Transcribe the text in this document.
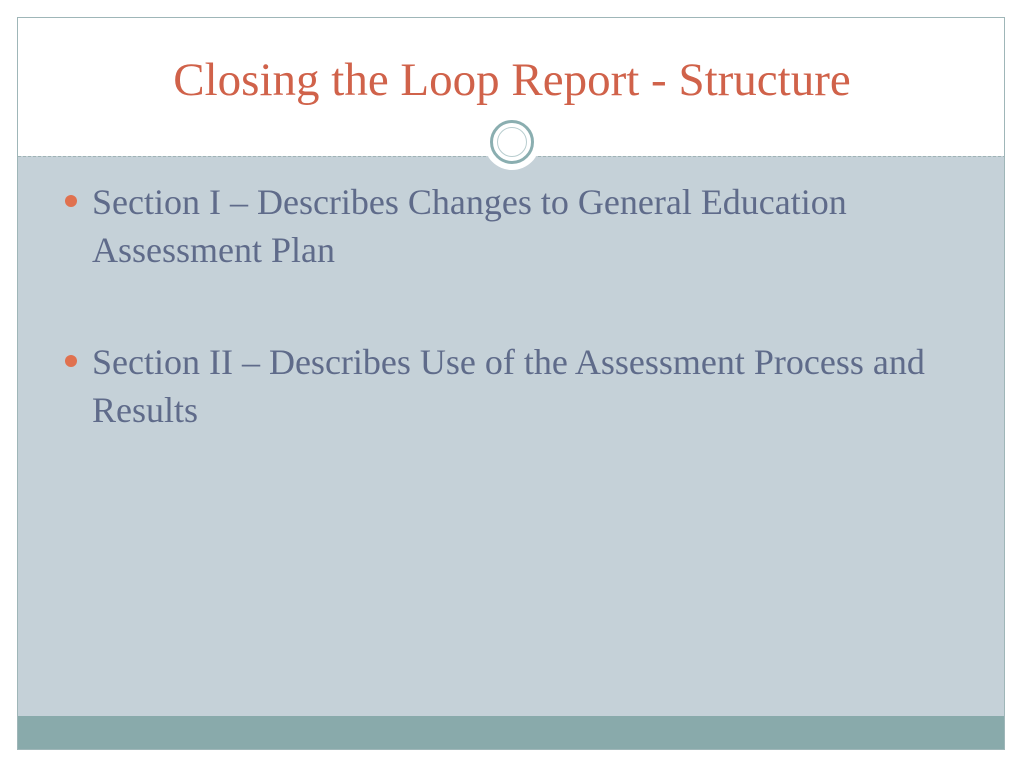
Closing the Loop Report - Structure
Section I – Describes Changes to General Education Assessment Plan
Section II – Describes Use of the Assessment Process and Results
